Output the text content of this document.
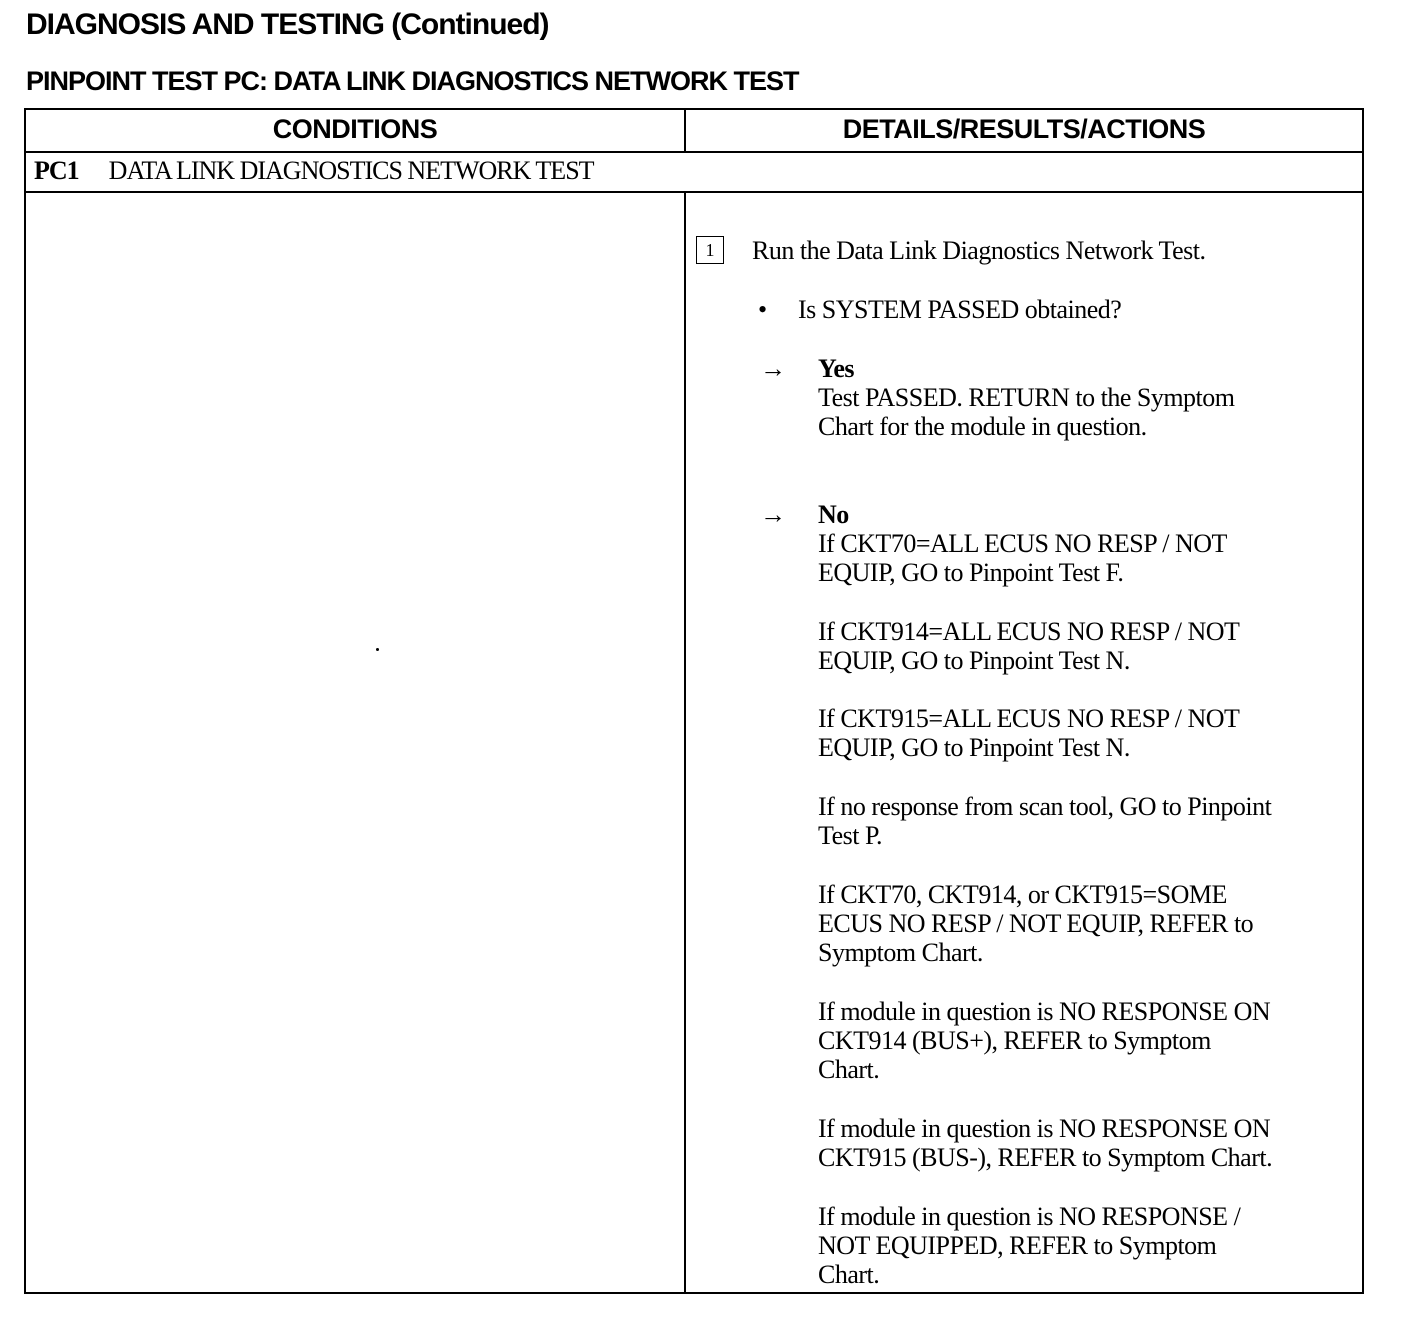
DIAGNOSIS AND TESTING (Continued)
PINPOINT TEST PC: DATA LINK DIAGNOSTICS NETWORK TEST
CONDITIONS	DETAILS/RESULTS/ACTIONS
PC1 DATA LINK DIAGNOSTICS NETWORK TEST
1	Run the Data Link Diagnostics Network Test.
• Is SYSTEM PASSED obtained?
→ Yes
Test PASSED. RETURN to the Symptom
Chart for the module in question.
→ No
If CKT70=ALL ECUS NO RESP / NOT
EQUIP, GO to Pinpoint Test F.
If CKT914=ALL ECUS NO RESP / NOT
EQUIP, GO to Pinpoint Test N.
If CKT915=ALL ECUS NO RESP / NOT
EQUIP, GO to Pinpoint Test N.
If no response from scan tool, GO to Pinpoint
Test P.
If CKT70, CKT914, or CKT915=SOME
ECUS NO RESP / NOT EQUIP, REFER to
Symptom Chart.
If module in question is NO RESPONSE ON
CKT914 (BUS+), REFER to Symptom
Chart.
If module in question is NO RESPONSE ON
CKT915 (BUS-), REFER to Symptom Chart.
If module in question is NO RESPONSE /
NOT EQUIPPED, REFER to Symptom
Chart.
